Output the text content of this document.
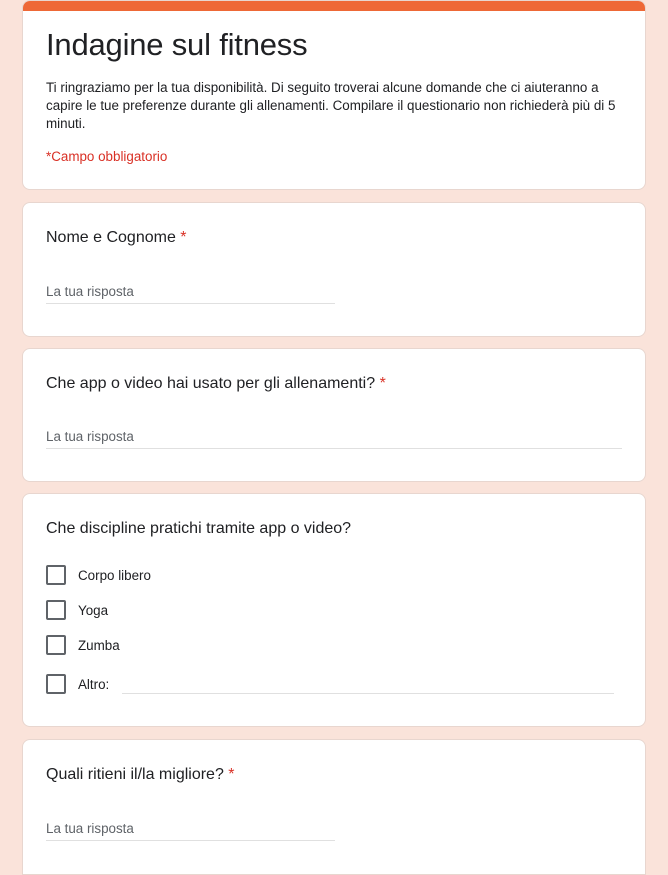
Indagine sul fitness

Ti ringraziamo per la tua disponibilità. Di seguito troverai alcune domande che ci aiuteranno a capire le tue preferenze durante gli allenamenti. Compilare il questionario non richiederà più di 5 minuti.

*Campo obbligatorio
Nome e Cognome *
La tua risposta
Che app o video hai usato per gli allenamenti? *
La tua risposta
Che discipline pratichi tramite app o video?
Corpo libero
Yoga
Zumba
Altro:
Quali ritieni il/la migliore? *
La tua risposta
